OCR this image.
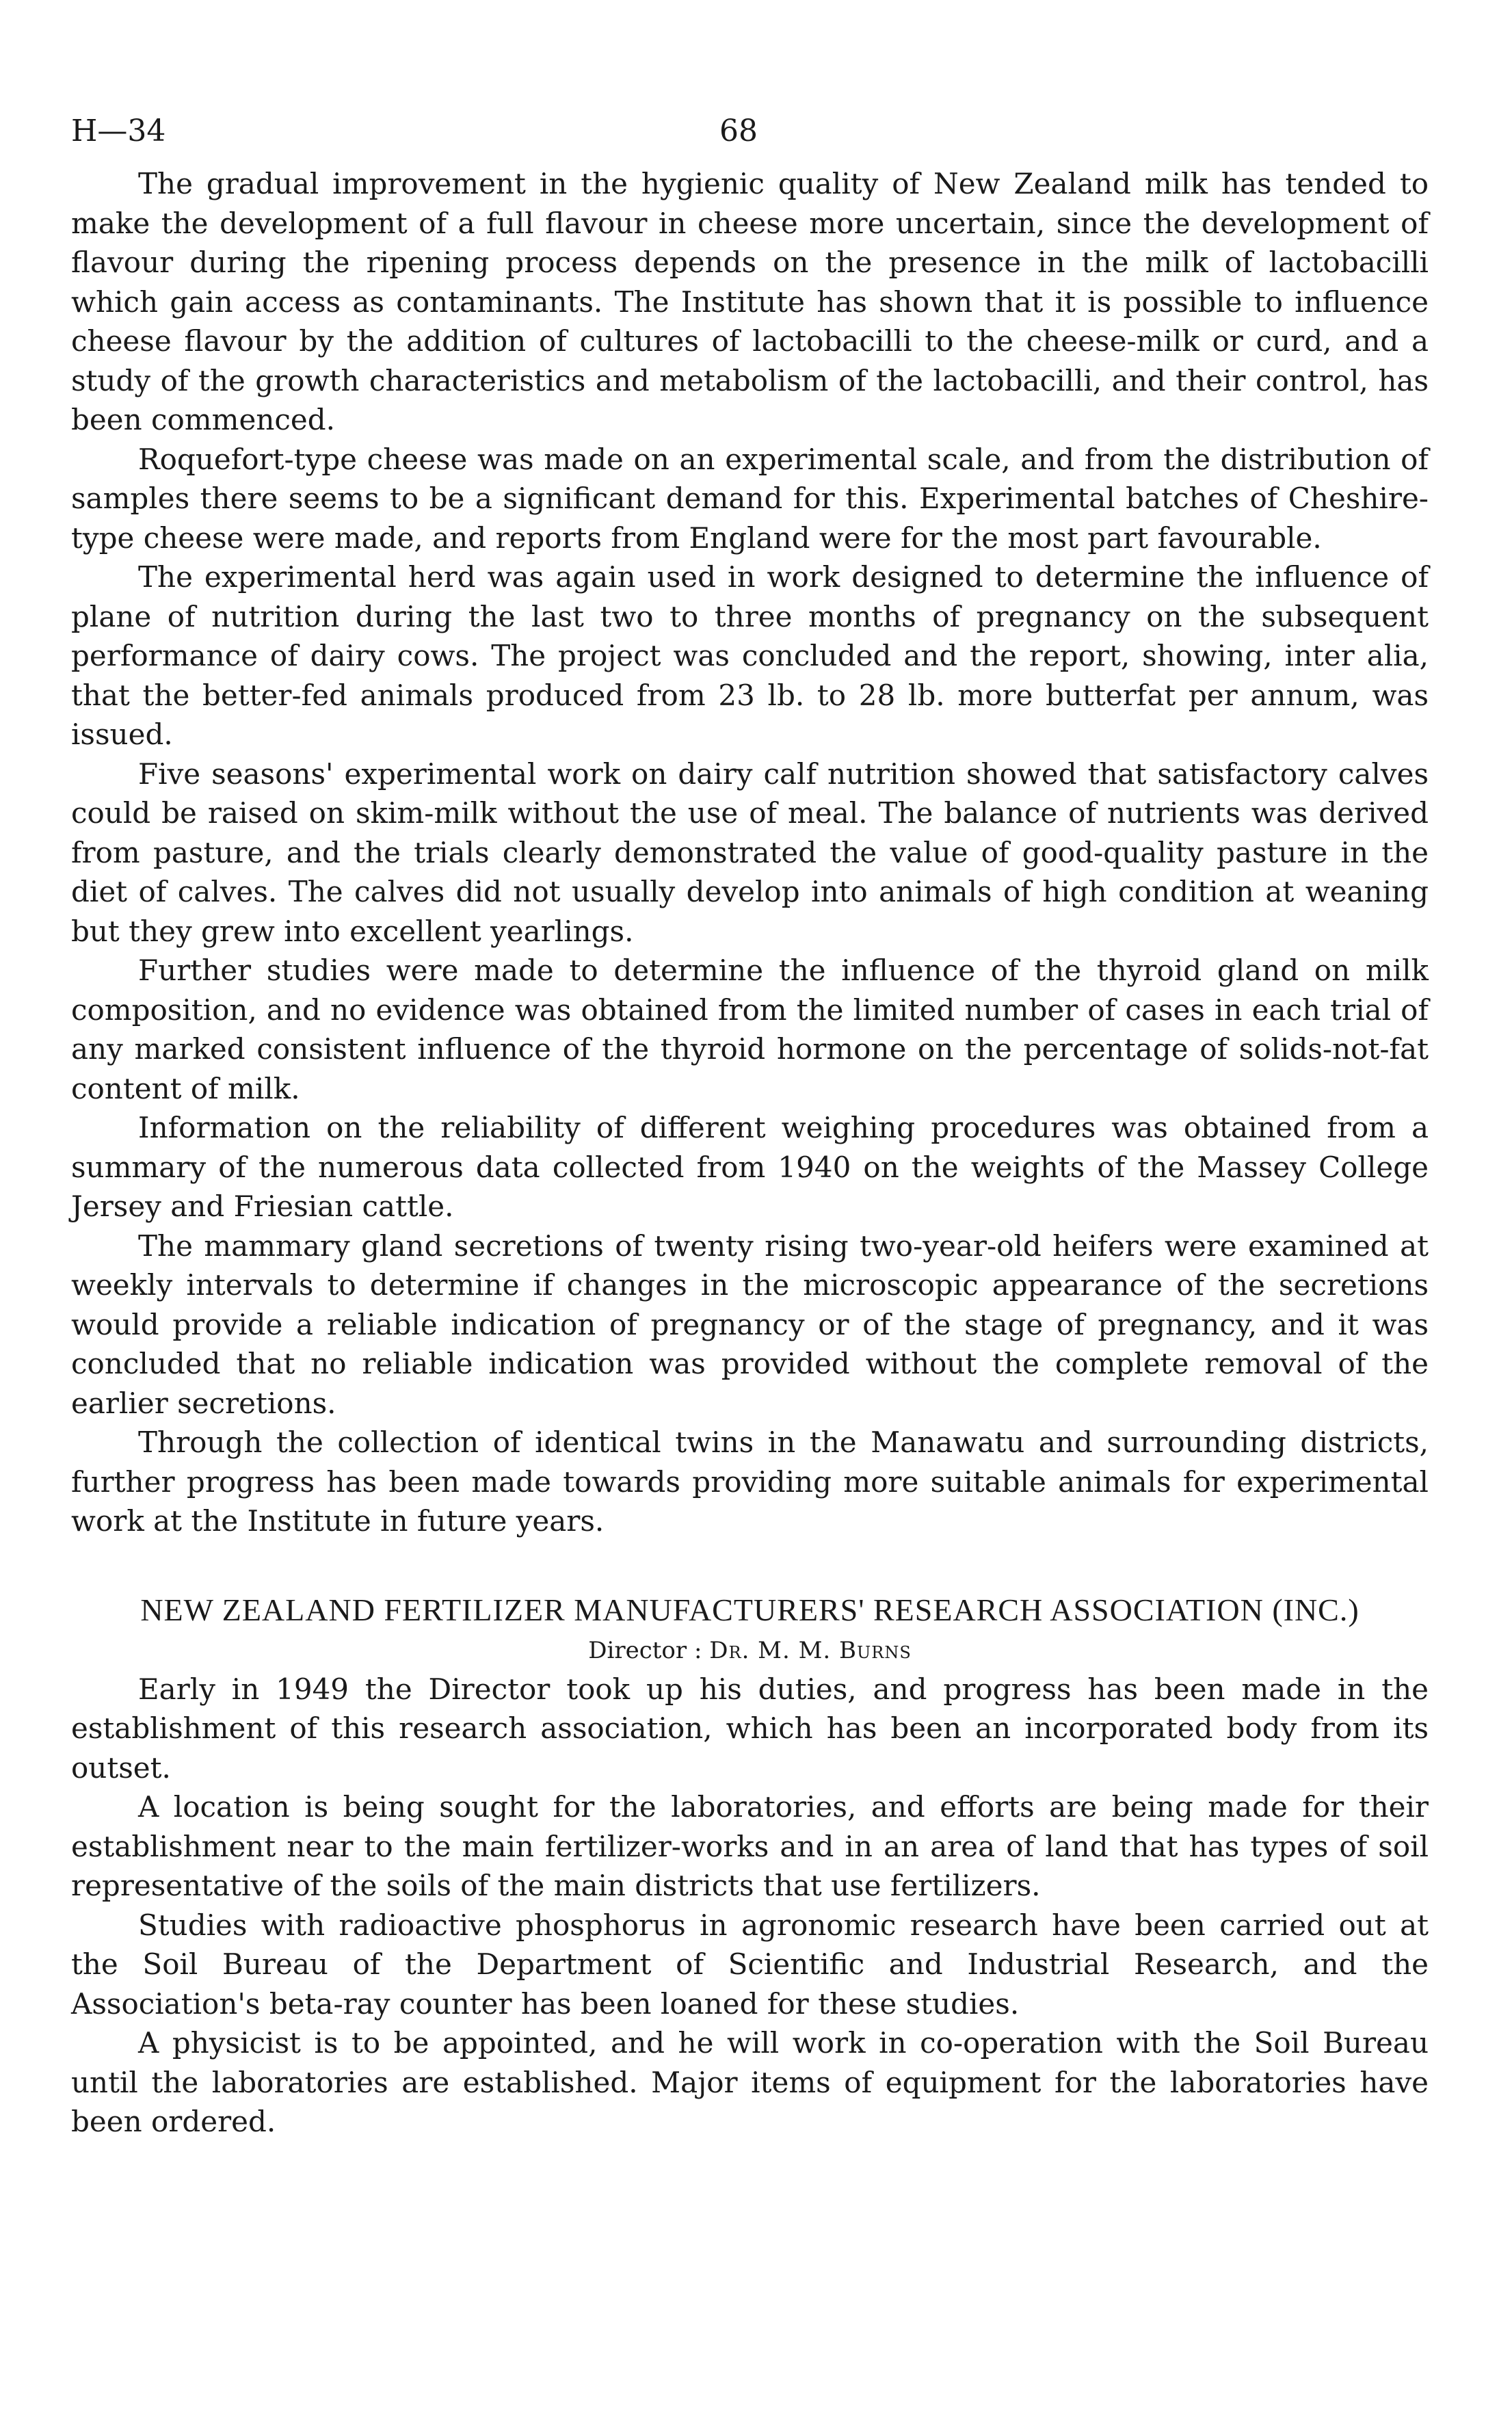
H—34	68

The gradual improvement in the hygienic quality of New Zealand milk has tended to make the development of a full flavour in cheese more uncertain, since the development of flavour during the ripening process depends on the presence in the milk of lactobacilli which gain access as contaminants. The Institute has shown that it is possible to influence cheese flavour by the addition of cultures of lactobacilli to the cheese-milk or curd, and a study of the growth characteristics and metabolism of the lactobacilli, and their control, has been commenced.

Roquefort-type cheese was made on an experimental scale, and from the distribution of samples there seems to be a significant demand for this. Experimental batches of Cheshire-type cheese were made, and reports from England were for the most part favourable.

The experimental herd was again used in work designed to determine the influence of plane of nutrition during the last two to three months of pregnancy on the subsequent performance of dairy cows. The project was concluded and the report, showing, inter alia, that the better-fed animals produced from 23 lb. to 28 lb. more butterfat per annum, was issued.

Five seasons' experimental work on dairy calf nutrition showed that satisfactory calves could be raised on skim-milk without the use of meal. The balance of nutrients was derived from pasture, and the trials clearly demonstrated the value of good-quality pasture in the diet of calves. The calves did not usually develop into animals of high condition at weaning but they grew into excellent yearlings.

Further studies were made to determine the influence of the thyroid gland on milk composition, and no evidence was obtained from the limited number of cases in each trial of any marked consistent influence of the thyroid hormone on the percentage of solids-not-fat content of milk.

Information on the reliability of different weighing procedures was obtained from a summary of the numerous data collected from 1940 on the weights of the Massey College Jersey and Friesian cattle.

The mammary gland secretions of twenty rising two-year-old heifers were examined at weekly intervals to determine if changes in the microscopic appearance of the secretions would provide a reliable indication of pregnancy or of the stage of pregnancy, and it was concluded that no reliable indication was provided without the complete removal of the earlier secretions.

Through the collection of identical twins in the Manawatu and surrounding districts, further progress has been made towards providing more suitable animals for experimental work at the Institute in future years.

NEW ZEALAND FERTILIZER MANUFACTURERS' RESEARCH ASSOCIATION (INC.)
Director : Dr. M. M. Burns

Early in 1949 the Director took up his duties, and progress has been made in the establishment of this research association, which has been an incorporated body from its outset.

A location is being sought for the laboratories, and efforts are being made for their establishment near to the main fertilizer-works and in an area of land that has types of soil representative of the soils of the main districts that use fertilizers.

Studies with radioactive phosphorus in agronomic research have been carried out at the Soil Bureau of the Department of Scientific and Industrial Research, and the Association's beta-ray counter has been loaned for these studies.

A physicist is to be appointed, and he will work in co-operation with the Soil Bureau until the laboratories are established. Major items of equipment for the laboratories have been ordered.
